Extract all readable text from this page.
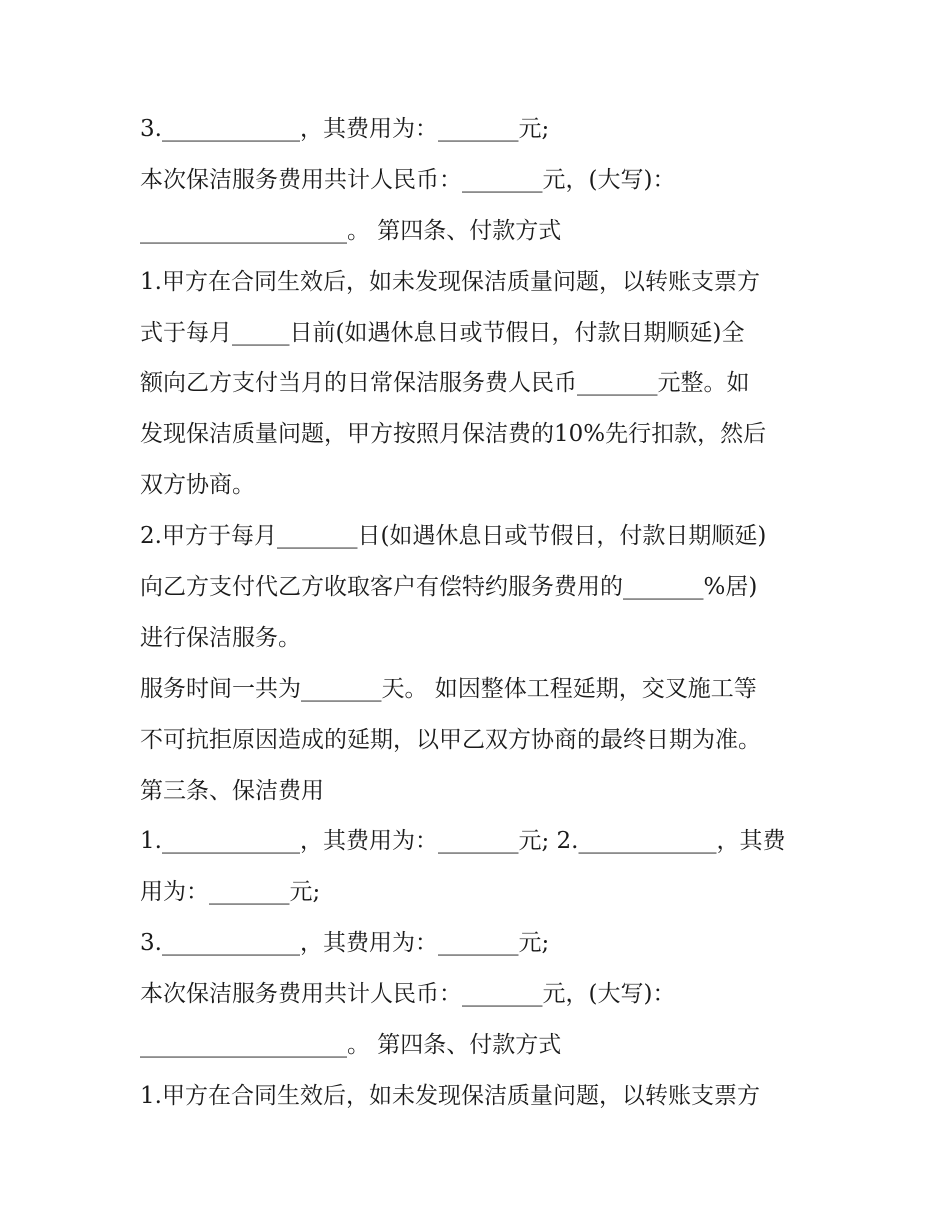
3.____________，其费用为：_______元;
本次保洁服务费用共计人民币：_______元，(大写)：
__________________。 第四条、付款方式
1.甲方在合同生效后，如未发现保洁质量问题，以转账支票方
式于每月_____日前(如遇休息日或节假日，付款日期顺延)全
额向乙方支付当月的日常保洁服务费人民币_______元整。如
发现保洁质量问题，甲方按照月保洁费的10%先行扣款，然后
双方协商。
2.甲方于每月_______日(如遇休息日或节假日，付款日期顺延)
向乙方支付代乙方收取客户有偿特约服务费用的_______%居)
进行保洁服务。
服务时间一共为_______天。 如因整体工程延期，交叉施工等
不可抗拒原因造成的延期，以甲乙双方协商的最终日期为准。
第三条、保洁费用
1.____________，其费用为：_______元; 2.____________，其费
用为：_______元;
3.____________，其费用为：_______元;
本次保洁服务费用共计人民币：_______元，(大写)：
__________________。 第四条、付款方式
1.甲方在合同生效后，如未发现保洁质量问题，以转账支票方
